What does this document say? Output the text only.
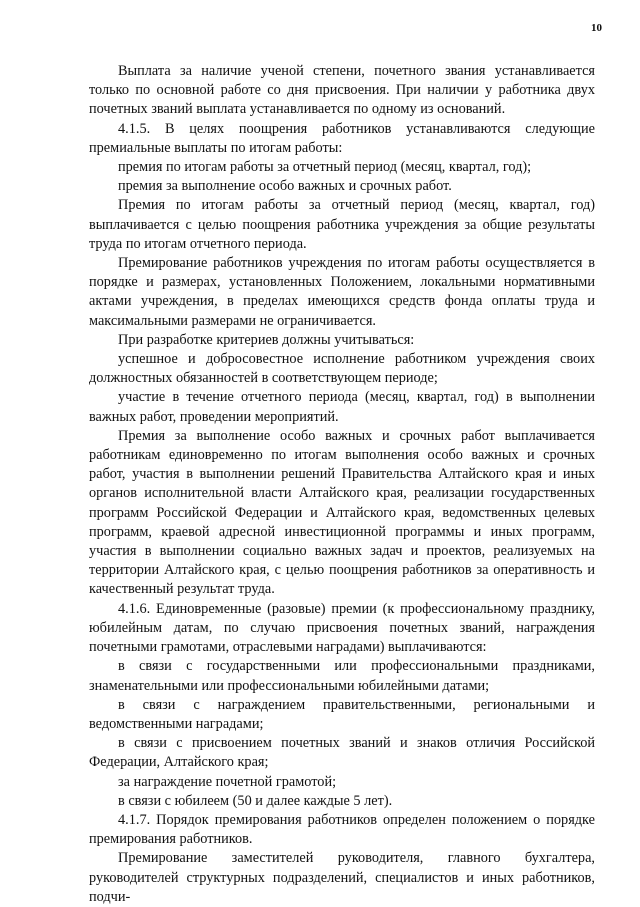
10

Выплата за наличие ученой степени, почетного звания устанавливается только по основной работе со дня присвоения. При наличии у работника двух почетных званий выплата устанавливается по одному из оснований.

4.1.5. В целях поощрения работников устанавливаются следующие премиальные выплаты по итогам работы:

премия по итогам работы за отчетный период (месяц, квартал, год);

премия за выполнение особо важных и срочных работ.

Премия по итогам работы за отчетный период (месяц, квартал, год) выплачивается с целью поощрения работника учреждения за общие результаты труда по итогам отчетного периода.

Премирование работников учреждения по итогам работы осуществляется в порядке и размерах, установленных Положением, локальными нормативными актами учреждения, в пределах имеющихся средств фонда оплаты труда и максимальными размерами не ограничивается.

При разработке критериев должны учитываться:

успешное и добросовестное исполнение работником учреждения своих должностных обязанностей в соответствующем периоде;

участие в течение отчетного периода (месяц, квартал, год) в выполнении важных работ, проведении мероприятий.

Премия за выполнение особо важных и срочных работ выплачивается работникам единовременно по итогам выполнения особо важных и срочных работ, участия в выполнении решений Правительства Алтайского края и иных органов исполнительной власти Алтайского края, реализации государственных программ Российской Федерации и Алтайского края, ведомственных целевых программ, краевой адресной инвестиционной программы и иных программ, участия в выполнении социально важных задач и проектов, реализуемых на территории Алтайского края, с целью поощрения работников за оперативность и качественный результат труда.

4.1.6. Единовременные (разовые) премии (к профессиональному празднику, юбилейным датам, по случаю присвоения почетных званий, награждения почетными грамотами, отраслевыми наградами) выплачиваются:

в связи с государственными или профессиональными праздниками, знаменательными или профессиональными юбилейными датами;

в связи с награждением правительственными, региональными и ведомственными наградами;

в связи с присвоением почетных званий и знаков отличия Российской Федерации, Алтайского края;

за награждение почетной грамотой;

в связи с юбилеем (50 и далее каждые 5 лет).

4.1.7. Порядок премирования работников определен положением о порядке премирования работников.

Премирование заместителей руководителя, главного бухгалтера, руководителей структурных подразделений, специалистов и иных работников, подчи-
